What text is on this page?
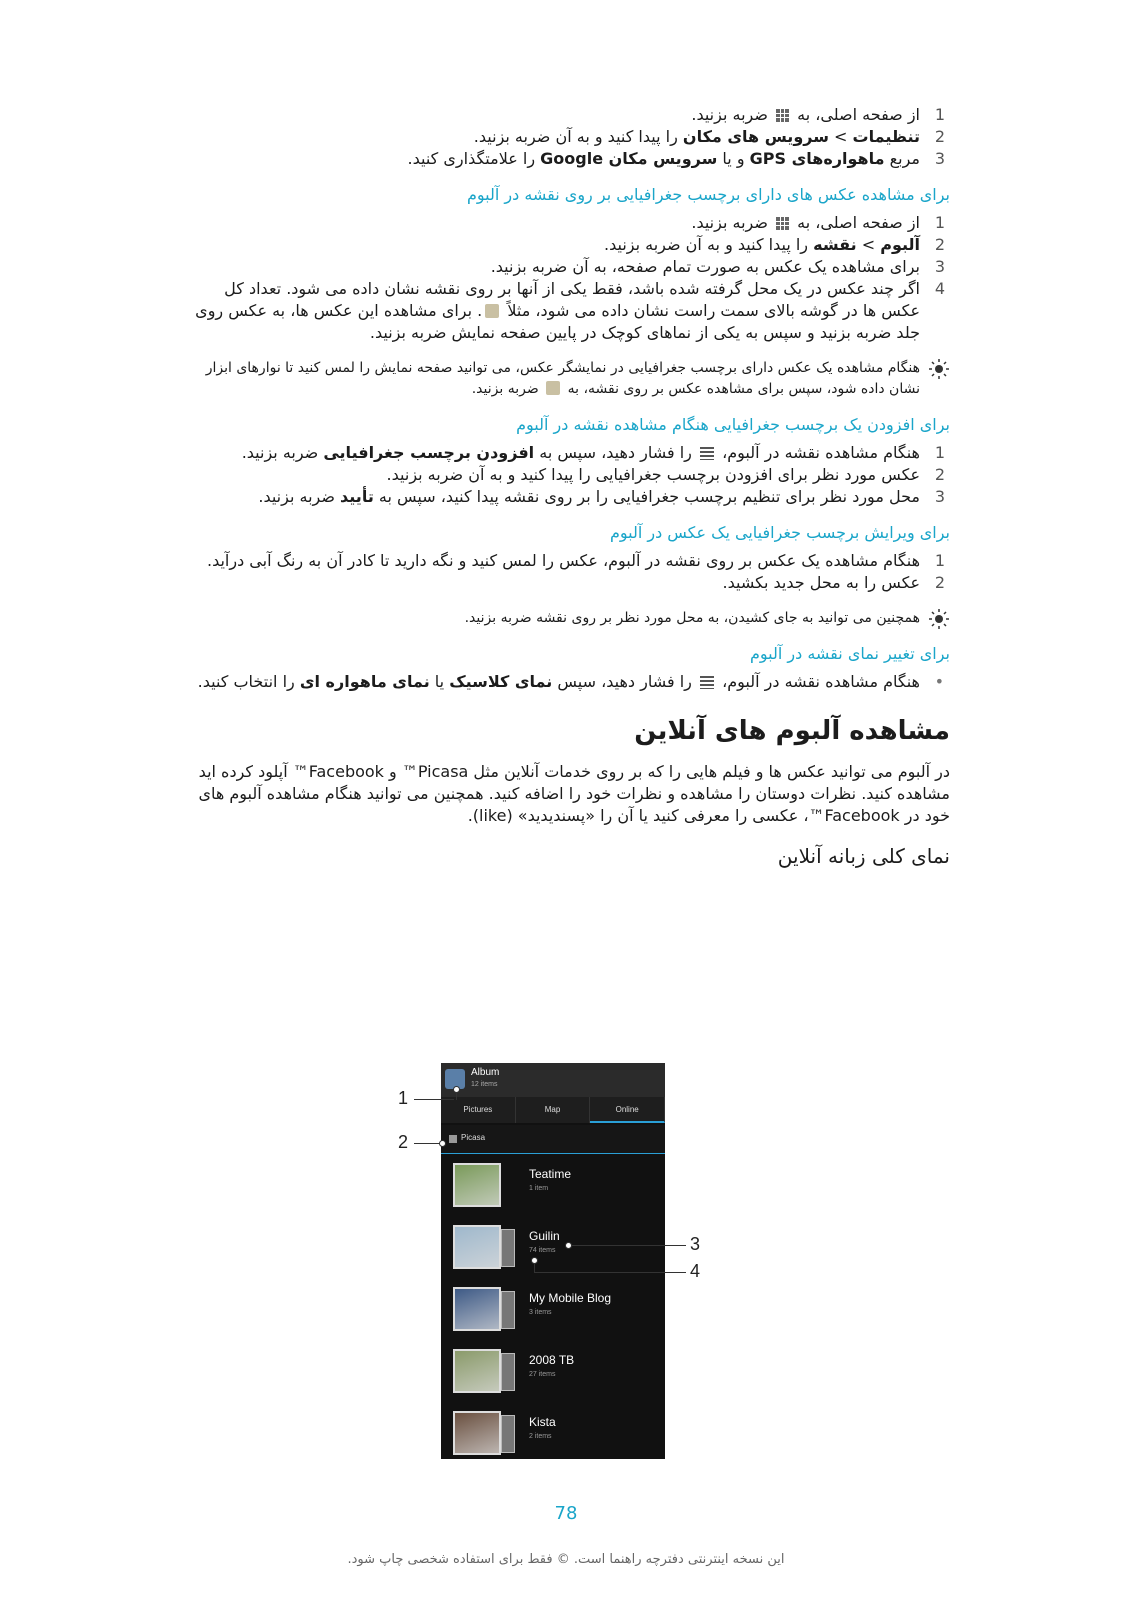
1
از صفحه اصلی، به  ضربه بزنید.
2
تنظیمات > سرویس های مکان را پیدا کنید و به آن ضربه بزنید.
3
مربع ماهواره‌های GPS و یا سرویس مکان Google را علامتگذاری کنید.
برای مشاهده عکس های دارای برچسب جغرافیایی بر روی نقشه در آلبوم
1
از صفحه اصلی، به  ضربه بزنید.
2
آلبوم > نقشه را پیدا کنید و به آن ضربه بزنید.
3
برای مشاهده یک عکس به صورت تمام صفحه، به آن ضربه بزنید.
4
اگر چند عکس در یک محل گرفته شده باشد، فقط یکی از آنها بر روی نقشه نشان داده می شود. تعداد کل عکس ها در گوشه بالای سمت راست نشان داده می شود، مثلاً . برای مشاهده این عکس ها، به عکس روی جلد ضربه بزنید و سپس به یکی از نماهای کوچک در پایین صفحه نمایش ضربه بزنید.
هنگام مشاهده یک عکس دارای برچسب جغرافیایی در نمایشگر عکس، می توانید صفحه نمایش را لمس کنید تا نوارهای ابزار نشان داده شود، سپس برای مشاهده عکس بر روی نقشه، به  ضربه بزنید.
برای افزودن یک برچسب جغرافیایی هنگام مشاهده نقشه در آلبوم
1
هنگام مشاهده نقشه در آلبوم،  را فشار دهید، سپس به افزودن برچسب جغرافیایی ضربه بزنید.
2
عکس مورد نظر برای افزودن برچسب جغرافیایی را پیدا کنید و به آن ضربه بزنید.
3
محل مورد نظر برای تنظیم برچسب جغرافیایی را بر روی نقشه پیدا کنید، سپس به تأیید ضربه بزنید.
برای ویرایش برچسب جغرافیایی یک عکس در آلبوم
1
هنگام مشاهده یک عکس بر روی نقشه در آلبوم، عکس را لمس کنید و نگه دارید تا کادر آن به رنگ آبی درآید.
2
عکس را به محل جدید بکشید.
همچنین می توانید به جای کشیدن، به محل مورد نظر بر روی نقشه ضربه بزنید.
برای تغییر نمای نقشه در آلبوم
•
هنگام مشاهده نقشه در آلبوم،  را فشار دهید، سپس نمای کلاسیک یا نمای ماهواره ای را انتخاب کنید.
مشاهده آلبوم های آنلاین

در آلبوم می توانید عکس ها و فیلم هایی را که بر روی خدمات آنلاین مثل Picasa™ و Facebook™ آپلود کرده اید مشاهده کنید. نظرات دوستان را مشاهده و نظرات خود را اضافه کنید. همچنین می توانید هنگام مشاهده آلبوم های خود در Facebook™، عکسی را معرفی کنید یا آن را «پسندیدید» (like).

نمای کلی زبانه آنلاین
Album
12 items
Pictures	Map	Online
Picasa
Teatime
1 item
Guilin
74 items
My Mobile Blog
3 items
2008 TB
27 items
Kista
2 items
1
2
3
4
78
این نسخه اینترنتی دفترچه راهنما است. © فقط برای استفاده شخصی چاپ شود.
